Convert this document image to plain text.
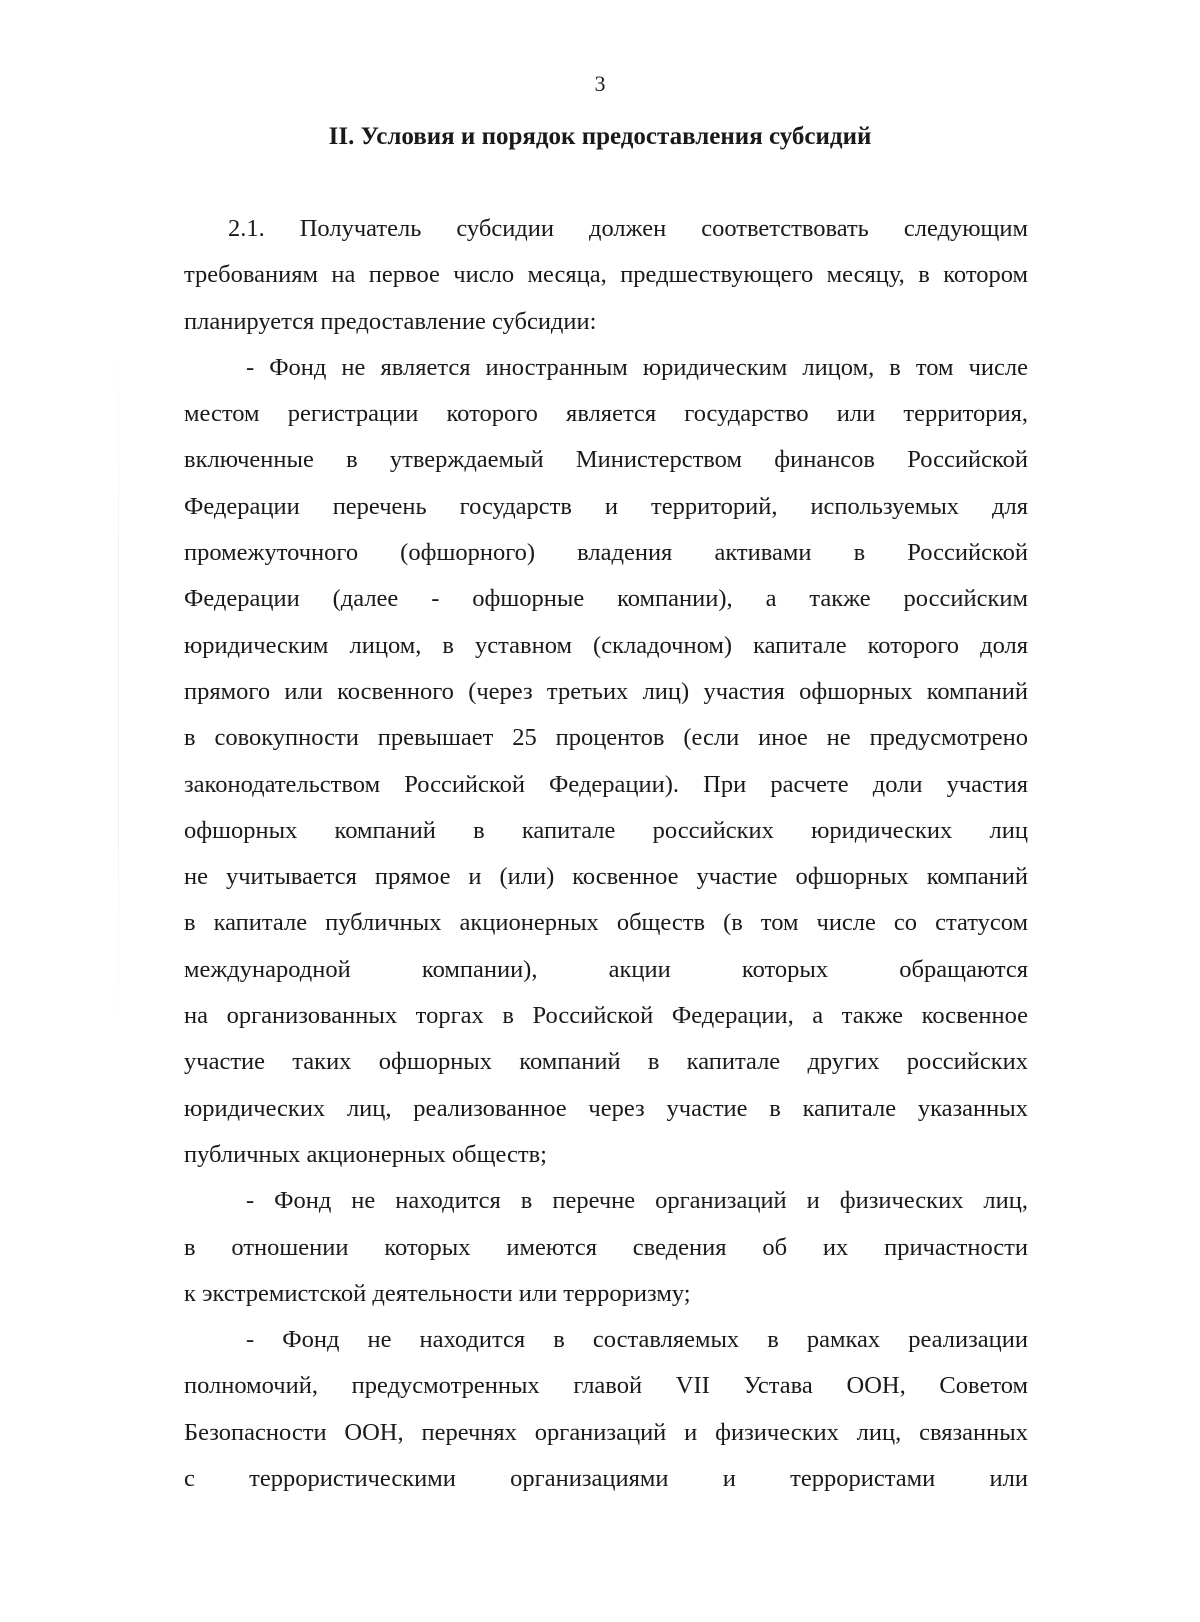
3
II. Условия и порядок предоставления субсидий
2.1. Получатель субсидии должен соответствовать следующим
требованиям на первое число месяца, предшествующего месяцу, в котором
планируется предоставление субсидии:
- Фонд не является иностранным юридическим лицом, в том числе
местом регистрации которого является государство или территория,
включенные в утверждаемый Министерством финансов Российской
Федерации перечень государств и территорий, используемых для
промежуточного (офшорного) владения активами в Российской
Федерации (далее - офшорные компании), а также российским
юридическим лицом, в уставном (складочном) капитале которого доля
прямого или косвенного (через третьих лиц) участия офшорных компаний
в совокупности превышает 25 процентов (если иное не предусмотрено
законодательством Российской Федерации). При расчете доли участия
офшорных компаний в капитале российских юридических лиц
не учитывается прямое и (или) косвенное участие офшорных компаний
в капитале публичных акционерных обществ (в том числе со статусом
международной компании), акции которых обращаются
на организованных торгах в Российской Федерации, а также косвенное
участие таких офшорных компаний в капитале других российских
юридических лиц, реализованное через участие в капитале указанных
публичных акционерных обществ;
- Фонд не находится в перечне организаций и физических лиц,
в отношении которых имеются сведения об их причастности
к экстремистской деятельности или терроризму;
- Фонд не находится в составляемых в рамках реализации
полномочий, предусмотренных главой VII Устава ООН, Советом
Безопасности ООН, перечнях организаций и физических лиц, связанных
с террористическими организациями и террористами или
